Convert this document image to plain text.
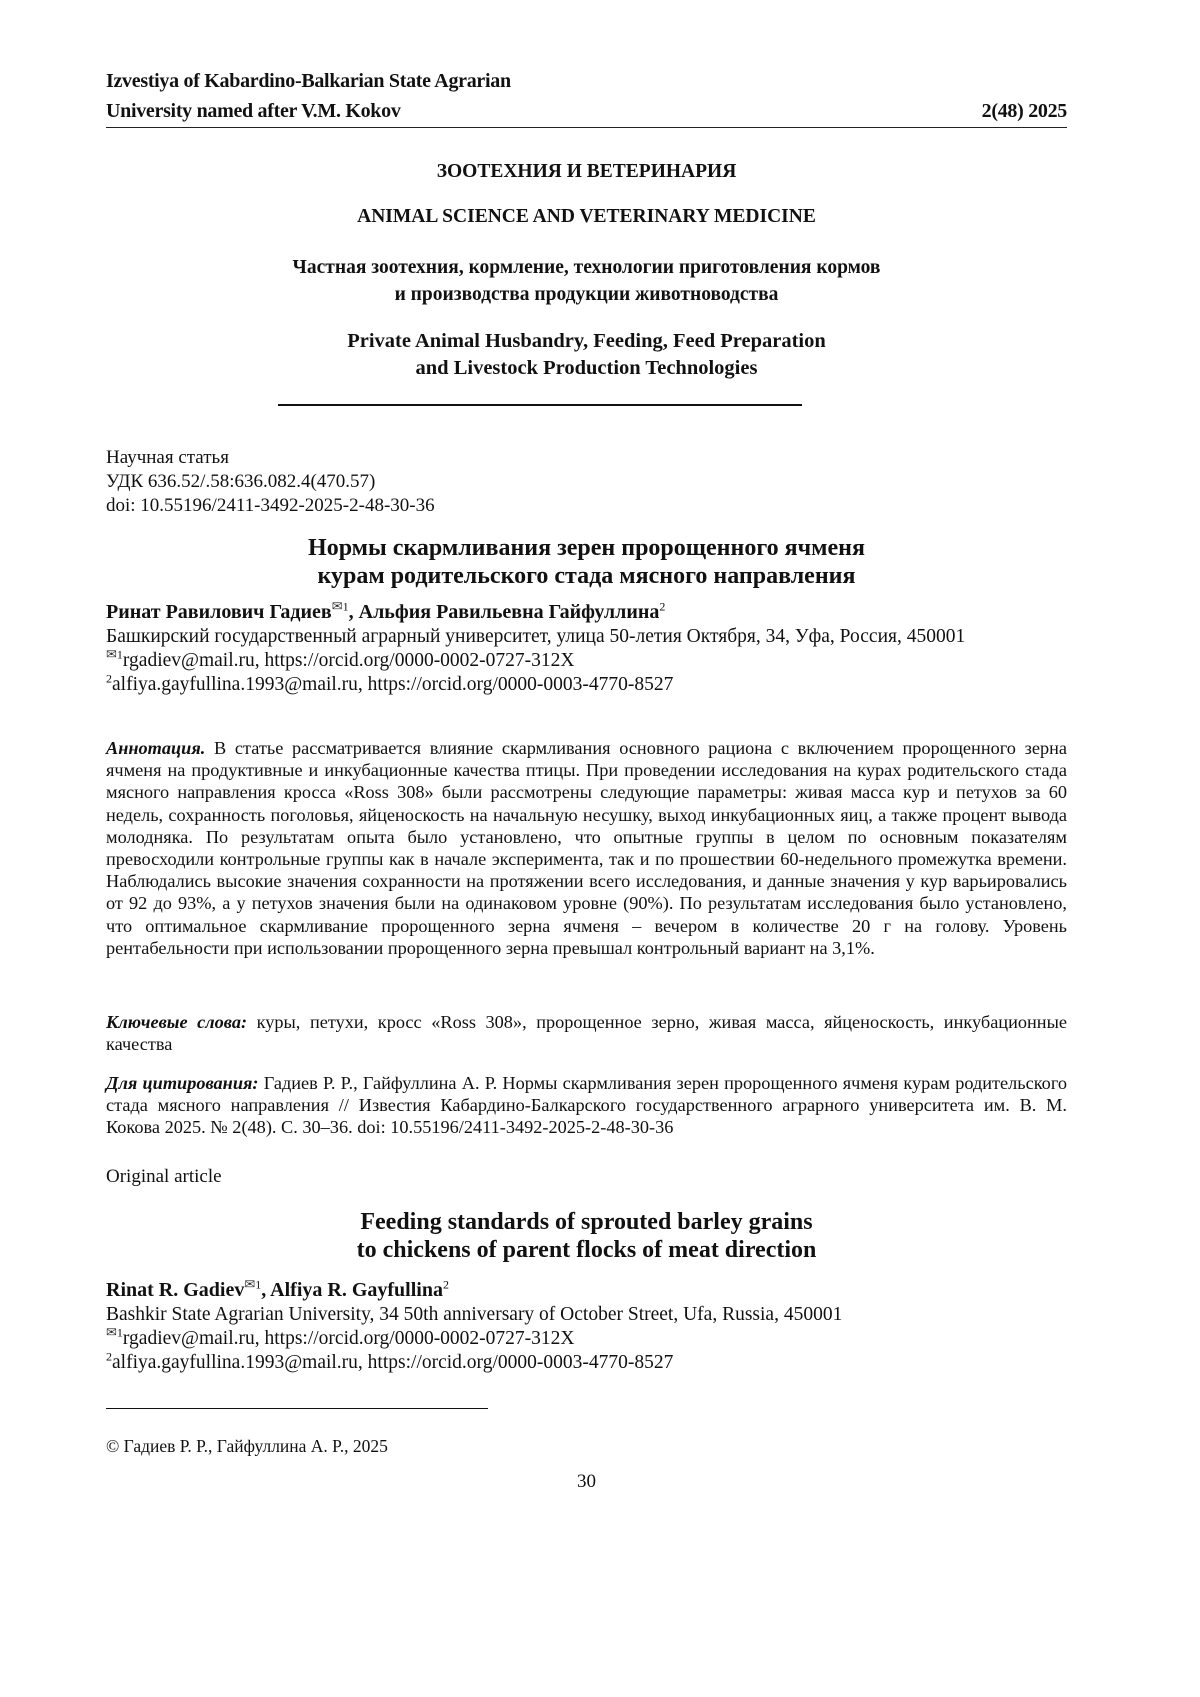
Izvestiya of Kabardino-Balkarian State Agrarian
University named after V.M. Kokov	2(48) 2025
ЗООТЕХНИЯ И ВЕТЕРИНАРИЯ
ANIMAL SCIENCE AND VETERINARY MEDICINE
Частная зоотехния, кормление, технологии приготовления кормов
и производства продукции животноводства
Private Animal Husbandry, Feeding, Feed Preparation
and Livestock Production Technologies
Научная статья
УДК 636.52/.58:636.082.4(470.57)
doi: 10.55196/2411-3492-2025-2-48-30-36
Нормы скармливания зерен пророщенного ячменя
курам родительского стада мясного направления
Ринат Равилович Гадиев$^{✉1}$, Альфия Равильевна Гайфуллина$^2$
Башкирский государственный аграрный университет, улица 50-летия Октября, 34, Уфа, Россия, 450001
$^{✉1}$rgadiev@mail.ru, https://orcid.org/0000-0002-0727-312X
$^2$alfiya.gayfullina.1993@mail.ru, https://orcid.org/0000-0003-4770-8527
Аннотация. В статье рассматривается влияние скармливания основного рациона с включением пророщенного зерна ячменя на продуктивные и инкубационные качества птицы. При проведении исследования на курах родительского стада мясного направления кросса «Ross 308» были рассмотрены следующие параметры: живая масса кур и петухов за 60 недель, сохранность поголовья, яйценоскость на начальную несушку, выход инкубационных яиц, а также процент вывода молодняка. По результатам опыта было установлено, что опытные группы в целом по основным показателям превосходили контрольные группы как в начале эксперимента, так и по прошествии 60-недельного промежутка времени. Наблюдались высокие значения сохранности на протяжении всего исследования, и данные значения у кур варьировались от 92 до 93%, а у петухов значения были на одинаковом уровне (90%). По результатам исследования было установлено, что оптимальное скармливание пророщенного зерна ячменя – вечером в количестве 20 г на голову. Уровень рентабельности при использовании пророщенного зерна превышал контрольный вариант на 3,1%.
Ключевые слова: куры, петухи, кросс «Ross 308», пророщенное зерно, живая масса, яйценоскость, инкубационные качества
Для цитирования: Гадиев Р. Р., Гайфуллина А. Р. Нормы скармливания зерен пророщенного ячменя курам родительского стада мясного направления // Известия Кабардино-Балкарского государственного аграрного университета им. В. М. Кокова 2025. № 2(48). С. 30–36. doi: 10.55196/2411-3492-2025-2-48-30-36
Original article
Feeding standards of sprouted barley grains
to chickens of parent flocks of meat direction
Rinat R. Gadiev$^{✉1}$, Alfiya R. Gayfullina$^2$
Bashkir State Agrarian University, 34 50th anniversary of October Street, Ufa, Russia, 450001
$^{✉1}$rgadiev@mail.ru, https://orcid.org/0000-0002-0727-312X
$^2$alfiya.gayfullina.1993@mail.ru, https://orcid.org/0000-0003-4770-8527
© Гадиев Р. Р., Гайфуллина А. Р., 2025
30
